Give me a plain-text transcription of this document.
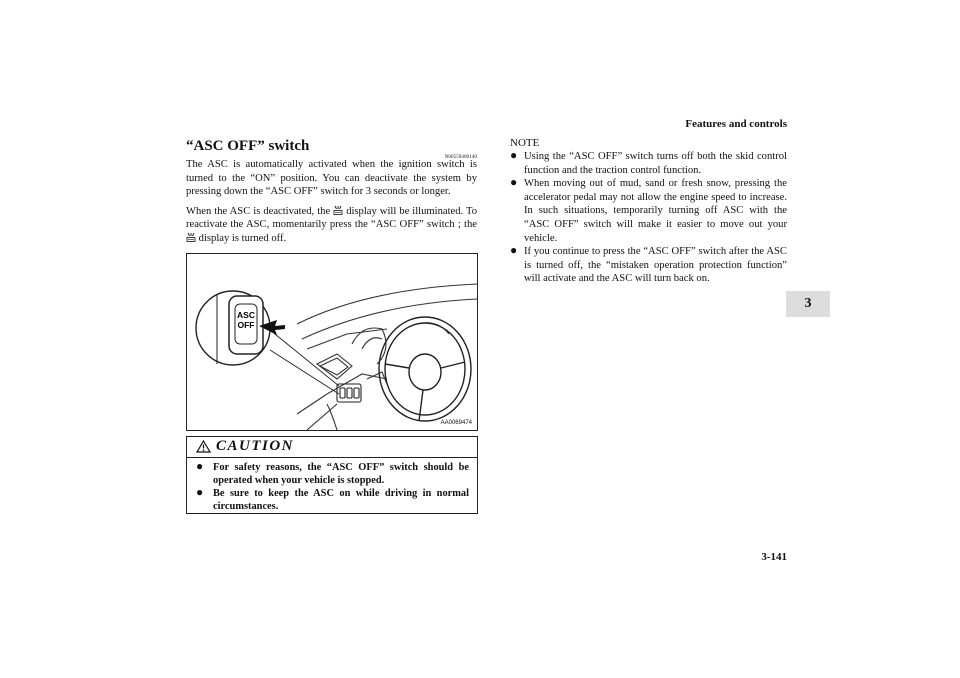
Features and controls
3
“ASC OFF” switch
N00559400140

The ASC is automatically activated when the ignition switch is turned to the “ON” position. You can deactivate the system by pressing down the “ASC OFF” switch for 3 seconds or longer.

When the ASC is deactivated, the display will be illuminated. To reactivate the ASC, momentarily press the “ASC OFF” switch ; the  display is turned off.

ASC
OFF
AA0069474
CAUTION
● For safety reasons, the “ASC OFF” switch should be operated when your vehicle is stopped.
● Be sure to keep the ASC on while driving in normal circumstances.
NOTE
● Using the “ASC OFF” switch turns off both the skid control function and the traction control function.
● When moving out of mud, sand or fresh snow, pressing the accelerator pedal may not allow the engine speed to increase. In such situations, temporarily turning off ASC with the “ASC OFF” switch will make it easier to move out your vehicle.
● If you continue to press the “ASC OFF” switch after the ASC is turned off, the “mistaken operation protection function” will activate and the ASC will turn back on.
3-141
